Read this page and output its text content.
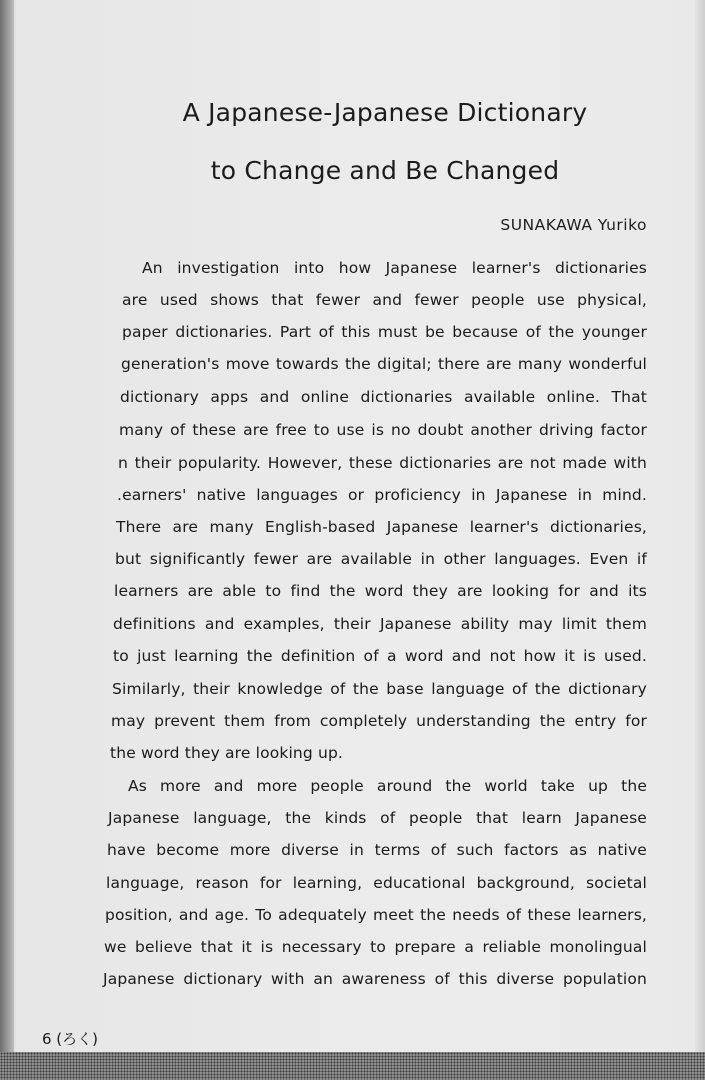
A Japanese-Japanese Dictionary
to Change and Be Changed
SUNAKAWA Yuriko
An investigation into how Japanese learner's dictionaries
are used shows that fewer and fewer people use physical,
paper dictionaries. Part of this must be because of the younger
generation's move towards the digital; there are many wonderful
dictionary apps and online dictionaries available online. That
many of these are free to use is no doubt another driving factor
n their popularity. However, these dictionaries are not made with
.earners' native languages or proficiency in Japanese in mind.
There are many English-based Japanese learner's dictionaries,
but significantly fewer are available in other languages. Even if
learners are able to find the word they are looking for and its
definitions and examples, their Japanese ability may limit them
to just learning the definition of a word and not how it is used.
Similarly, their knowledge of the base language of the dictionary
may prevent them from completely understanding the entry for
the word they are looking up.
As more and more people around the world take up the
Japanese language, the kinds of people that learn Japanese
have become more diverse in terms of such factors as native
language, reason for learning, educational background, societal
position, and age. To adequately meet the needs of these learners,
we believe that it is necessary to prepare a reliable monolingual
Japanese dictionary with an awareness of this diverse population
6 (ろく)
